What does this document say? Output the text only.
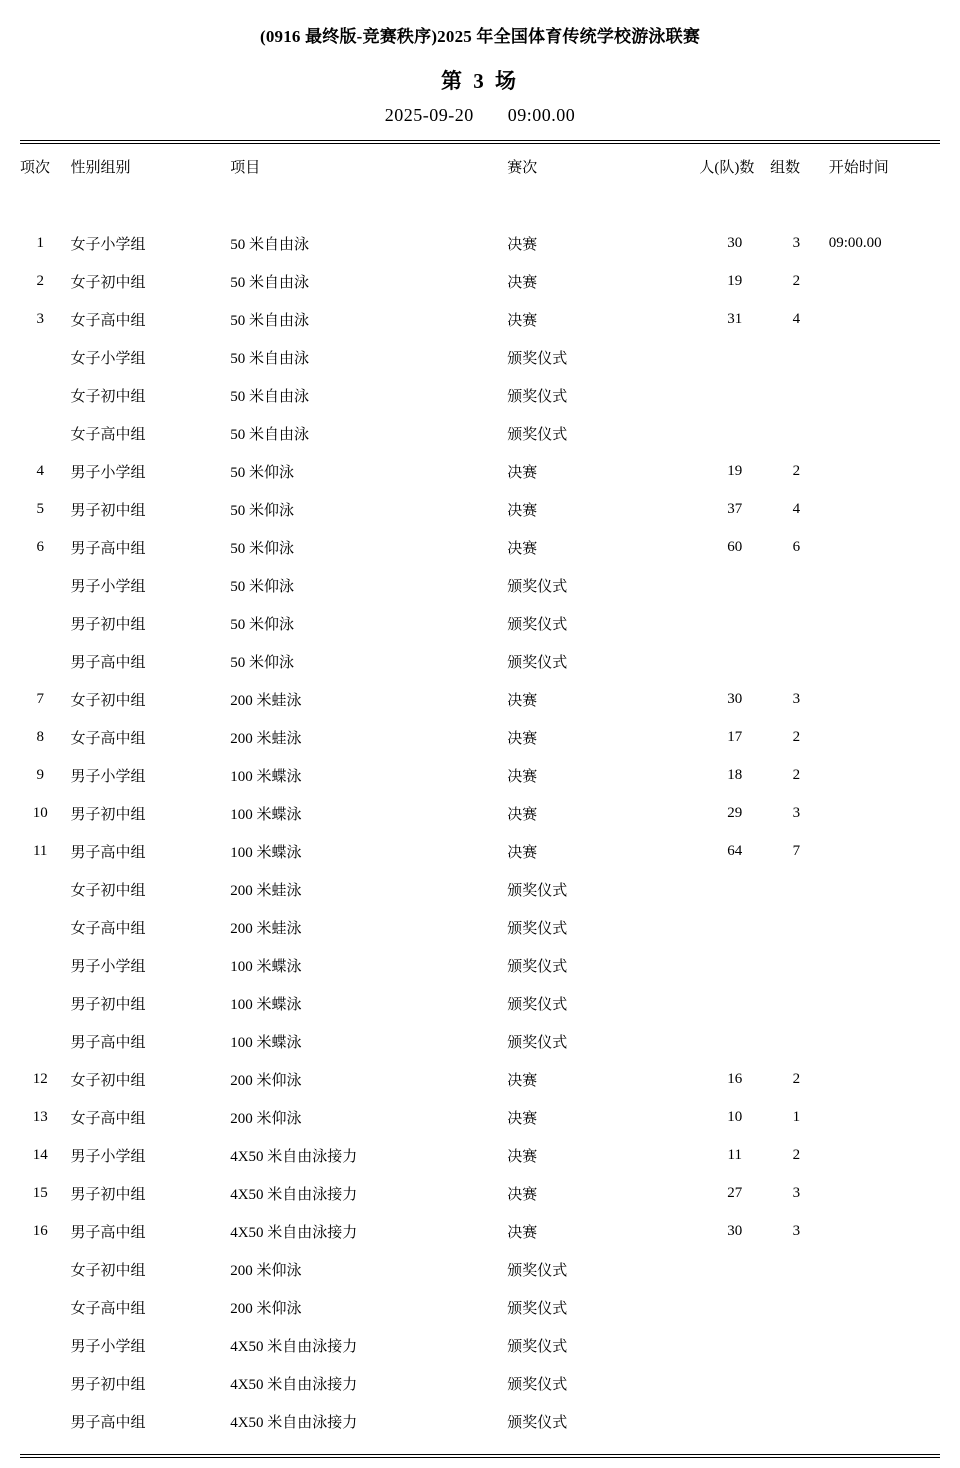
(0916 最终版-竞赛秩序)2025 年全国体育传统学校游泳联赛
第 3 场
2025-09-20 09:00.00
项次	性别组别	项目	赛次	人(队)数	组数	开始时间

1	女子小学组	50 米自由泳	决赛	30	3	09:00.00
2	女子初中组	50 米自由泳	决赛	19	2	
3	女子高中组	50 米自由泳	决赛	31	4	
	女子小学组	50 米自由泳	颁奖仪式			
	女子初中组	50 米自由泳	颁奖仪式			
	女子高中组	50 米自由泳	颁奖仪式			
4	男子小学组	50 米仰泳	决赛	19	2	
5	男子初中组	50 米仰泳	决赛	37	4	
6	男子高中组	50 米仰泳	决赛	60	6	
	男子小学组	50 米仰泳	颁奖仪式			
	男子初中组	50 米仰泳	颁奖仪式			
	男子高中组	50 米仰泳	颁奖仪式			
7	女子初中组	200 米蛙泳	决赛	30	3	
8	女子高中组	200 米蛙泳	决赛	17	2	
9	男子小学组	100 米蝶泳	决赛	18	2	
10	男子初中组	100 米蝶泳	决赛	29	3	
11	男子高中组	100 米蝶泳	决赛	64	7	
	女子初中组	200 米蛙泳	颁奖仪式			
	女子高中组	200 米蛙泳	颁奖仪式			
	男子小学组	100 米蝶泳	颁奖仪式			
	男子初中组	100 米蝶泳	颁奖仪式			
	男子高中组	100 米蝶泳	颁奖仪式			
12	女子初中组	200 米仰泳	决赛	16	2	
13	女子高中组	200 米仰泳	决赛	10	1	
14	男子小学组	4X50 米自由泳接力	决赛	11	2	
15	男子初中组	4X50 米自由泳接力	决赛	27	3	
16	男子高中组	4X50 米自由泳接力	决赛	30	3	
	女子初中组	200 米仰泳	颁奖仪式			
	女子高中组	200 米仰泳	颁奖仪式			
	男子小学组	4X50 米自由泳接力	颁奖仪式			
	男子初中组	4X50 米自由泳接力	颁奖仪式			
	男子高中组	4X50 米自由泳接力	颁奖仪式			
